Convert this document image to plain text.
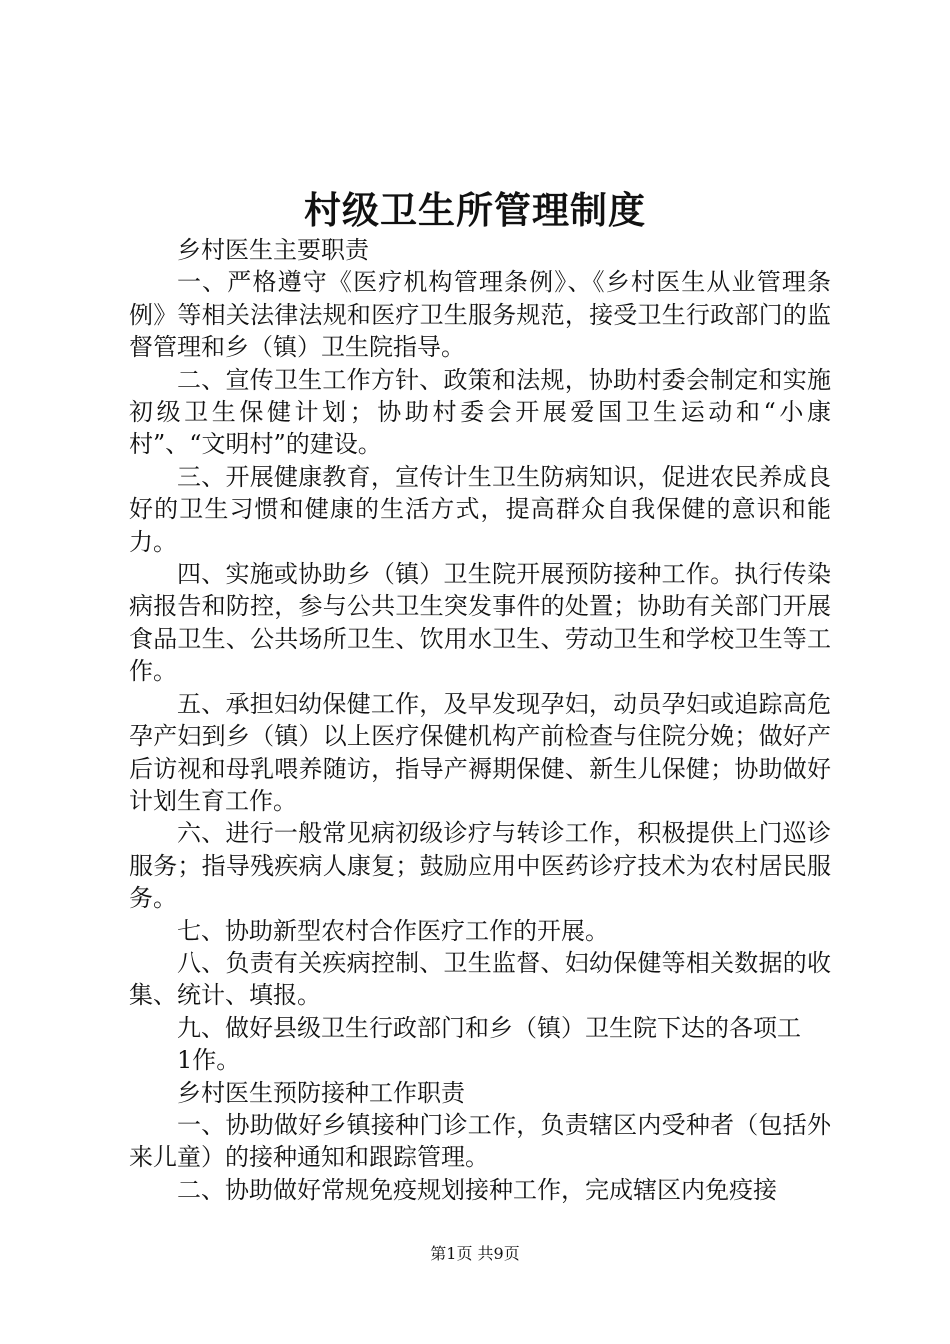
村级卫生所管理制度

乡村医生主要职责

一、严格遵守《医疗机构管理条例》、《乡村医生从业管理条例》等相关法律法规和医疗卫生服务规范，接受卫生行政部门的监督管理和乡（镇）卫生院指导。

二、宣传卫生工作方针、政策和法规，协助村委会制定和实施初级卫生保健计划；协助村委会开展爱国卫生运动和“小康村”、“文明村”的建设。

三、开展健康教育，宣传计生卫生防病知识，促进农民养成良好的卫生习惯和健康的生活方式，提高群众自我保健的意识和能力。

四、实施或协助乡（镇）卫生院开展预防接种工作。执行传染病报告和防控，参与公共卫生突发事件的处置；协助有关部门开展食品卫生、公共场所卫生、饮用水卫生、劳动卫生和学校卫生等工作。

五、承担妇幼保健工作，及早发现孕妇，动员孕妇或追踪高危孕产妇到乡（镇）以上医疗保健机构产前检查与住院分娩；做好产后访视和母乳喂养随访，指导产褥期保健、新生儿保健；协助做好计划生育工作。

六、进行一般常见病初级诊疗与转诊工作，积极提供上门巡诊服务；指导残疾病人康复；鼓励应用中医药诊疗技术为农村居民服务。

七、协助新型农村合作医疗工作的开展。

八、负责有关疾病控制、卫生监督、妇幼保健等相关数据的收集、统计、填报。

九、做好县级卫生行政部门和乡（镇）卫生院下达的各项工

1作。

乡村医生预防接种工作职责

一、协助做好乡镇接种门诊工作，负责辖区内受种者（包括外来儿童）的接种通知和跟踪管理。

二、协助做好常规免疫规划接种工作，完成辖区内免疫接

第1页 共9页
